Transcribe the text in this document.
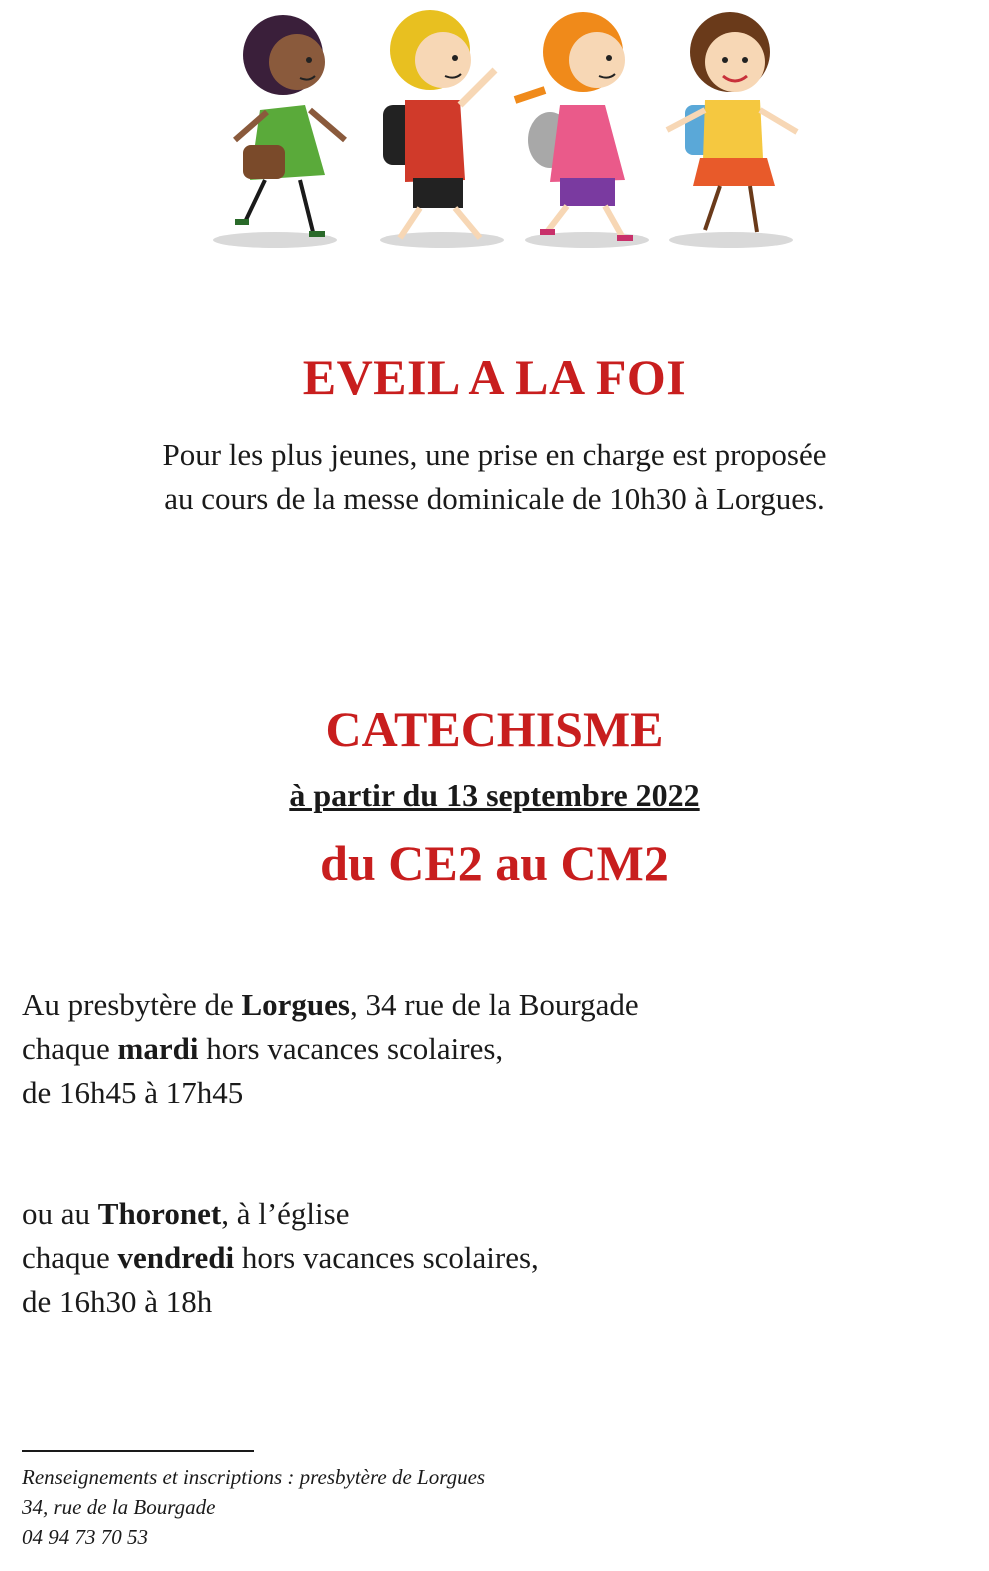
EVEIL A LA FOI
Pour les plus jeunes, une prise en charge est proposée
au cours de la messe dominicale de 10h30 à Lorgues.
CATECHISME
à partir du 13 septembre 2022
du CE2 au CM2
Au presbytère de Lorgues, 34 rue de la Bourgade
chaque mardi hors vacances scolaires,
de 16h45 à 17h45
ou au Thoronet, à l’église
chaque vendredi hors vacances scolaires,
de 16h30 à 18h
Renseignements et inscriptions : presbytère de Lorgues
34, rue de la Bourgade
04 94 73 70 53
